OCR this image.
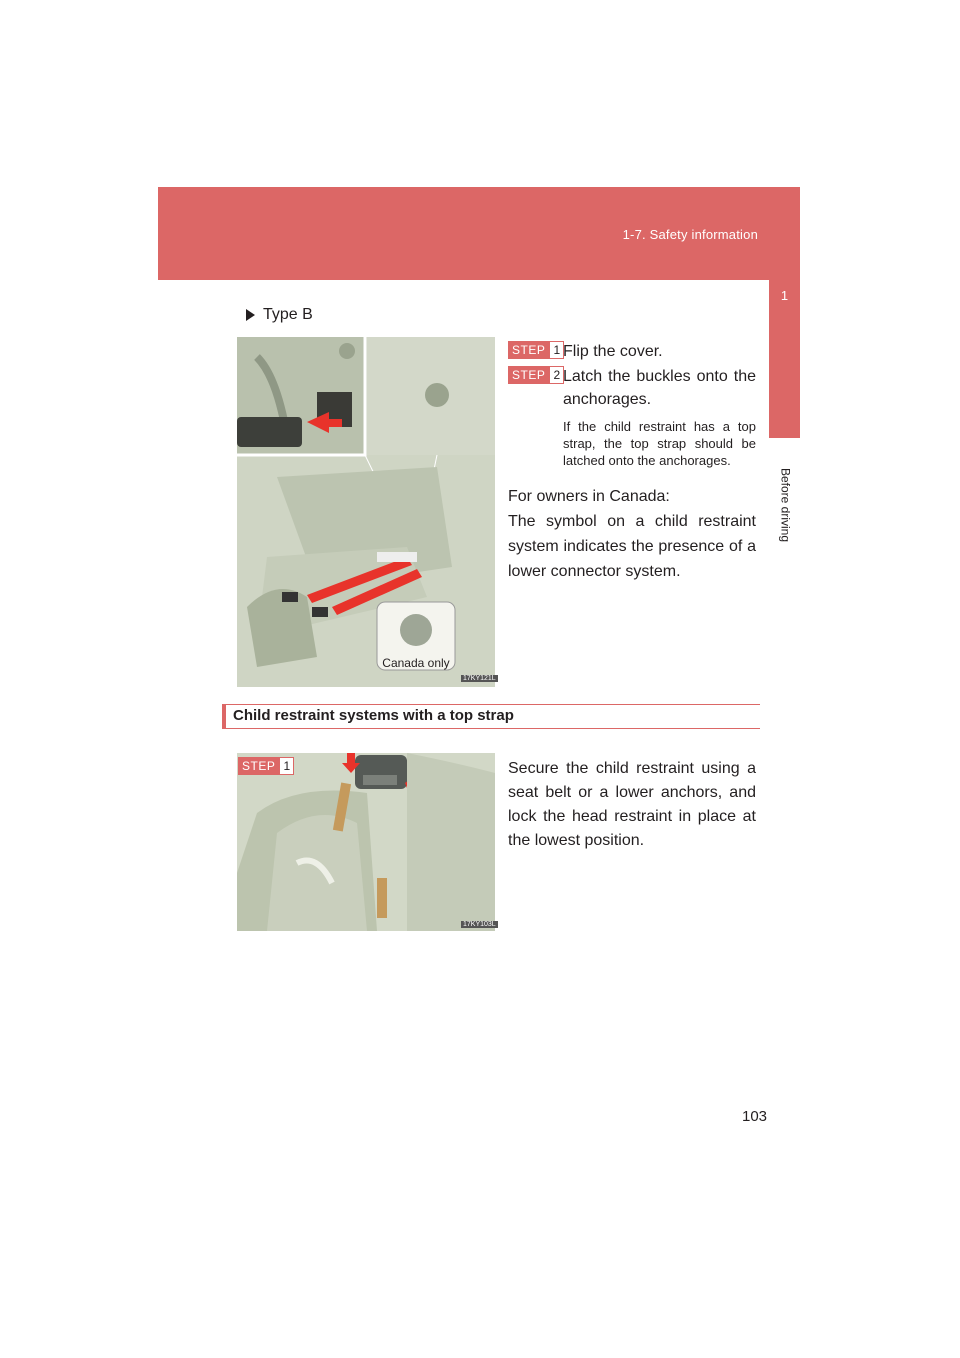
1-7. Safety information
1
Before driving
Type B
Canada only
17KY121L
STEP 1 Flip the cover.
STEP 2 Latch the buckles onto the anchorages.
If the child restraint has a top strap, the top strap should be latched onto the anchorages.
For owners in Canada:
The symbol on a child restraint system indicates the presence of a lower connector system.
Child restraint systems with a top strap
17KY103L
STEP 1	Secure the child restraint using a seat belt or a lower anchors, and lock the head restraint in place at the lowest position.
103
